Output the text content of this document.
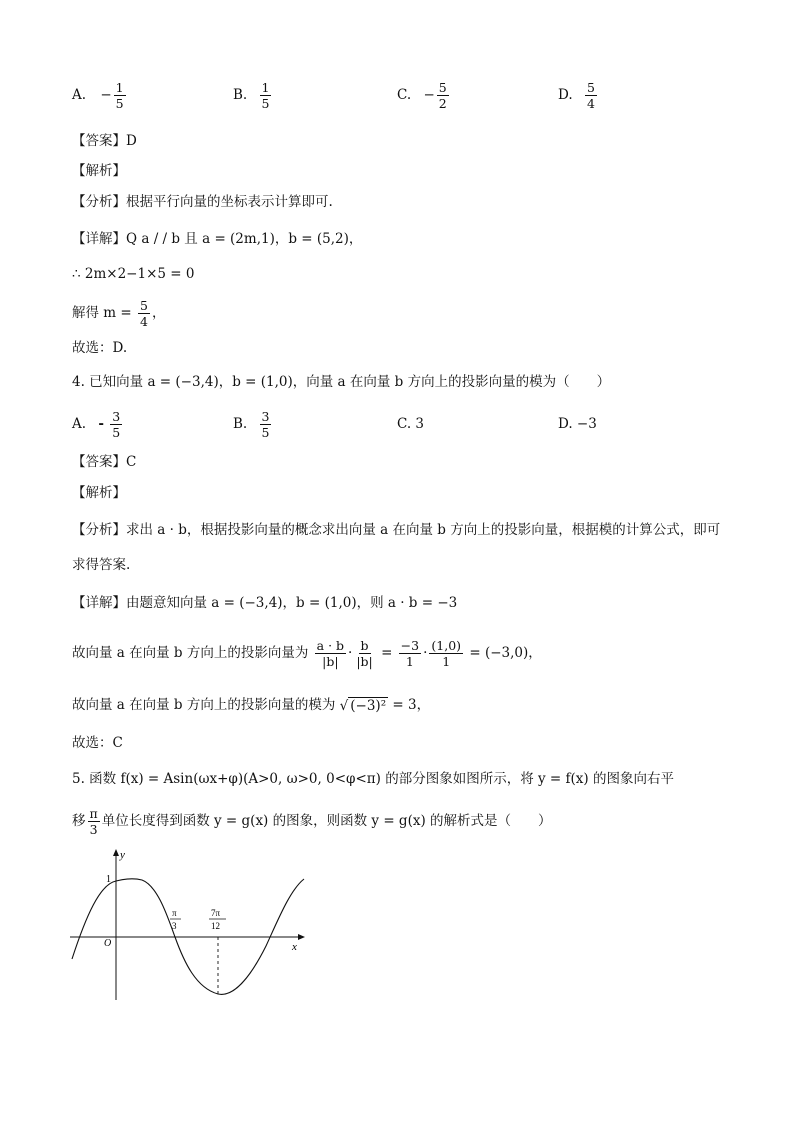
A. − $\frac{1}{5}$	B. $\frac{1}{5}$	C. − $\frac{5}{2}$	D. $\frac{5}{4}$
【答案】D
【解析】
【分析】根据平行向量的坐标表示计算即可.
【详解】Q a / / b 且 a = (2m,1)，b = (5,2)，
∴ 2m×2−1×5 = 0
解得 $m = \frac{5}{4}$ ，
故选：D.
4. 已知向量 a = (−3,4)，b = (1,0)，向量 a 在向量 b 方向上的投影向量的模为（　　）
A. - $\frac{3}{5}$	B. $\frac{3}{5}$	C. 3	D. −3
【答案】C
【解析】
【分析】求出 a · b，根据投影向量的概念求出向量 a 在向量 b 方向上的投影向量，根据模的计算公式，即可
求得答案.
【详解】由题意知向量 a = (−3,4)，b = (1,0)，则 a · b = −3
故向量 a 在向量 b 方向上的投影向量为 $\frac{a \cdot b}{|b|} \cdot \frac{b}{|b|} = \frac{-3}{1} \cdot \frac{(1,0)}{1} = (-3,0)$，
故向量 a 在向量 b 方向上的投影向量的模为 √ (−3)² = 3，
故选：C
5. 函数 f(x) = Asin(ωx+φ)(A>0, ω>0, 0<φ<π) 的部分图象如图所示，将 y = f(x) 的图象向右平
移 $\frac{\pi}{3}$ 单位长度得到函数 y = g(x) 的图象，则函数 y = g(x) 的解析式是（　　）
y
x
O
1
π
3
7π
12
